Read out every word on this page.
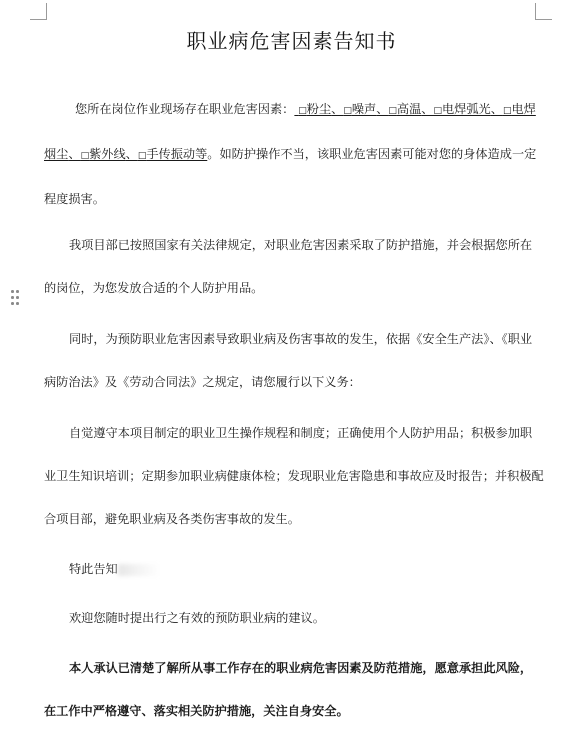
职业病危害因素告知书
您所在岗位作业现场存在职业危害因素： □粉尘、□噪声、□高温、□电焊弧光、□电焊烟尘、□紫外线、□手传振动等。如防护操作不当，该职业危害因素可能对您的身体造成一定程度损害。
我项目部已按照国家有关法律规定，对职业危害因素采取了防护措施，并会根据您所在的岗位，为您发放合适的个人防护用品。
同时，为预防职业危害因素导致职业病及伤害事故的发生，依据《安全生产法》、《职业病防治法》及《劳动合同法》之规定，请您履行以下义务：
自觉遵守本项目制定的职业卫生操作规程和制度；正确使用个人防护用品；积极参加职业卫生知识培训；定期参加职业病健康体检；发现职业危害隐患和事故应及时报告；并积极配合项目部，避免职业病及各类伤害事故的发生。
特此告知
欢迎您随时提出行之有效的预防职业病的建议。
本人承认已清楚了解所从事工作存在的职业病危害因素及防范措施，愿意承担此风险，在工作中严格遵守、落实相关防护措施，关注自身安全。
